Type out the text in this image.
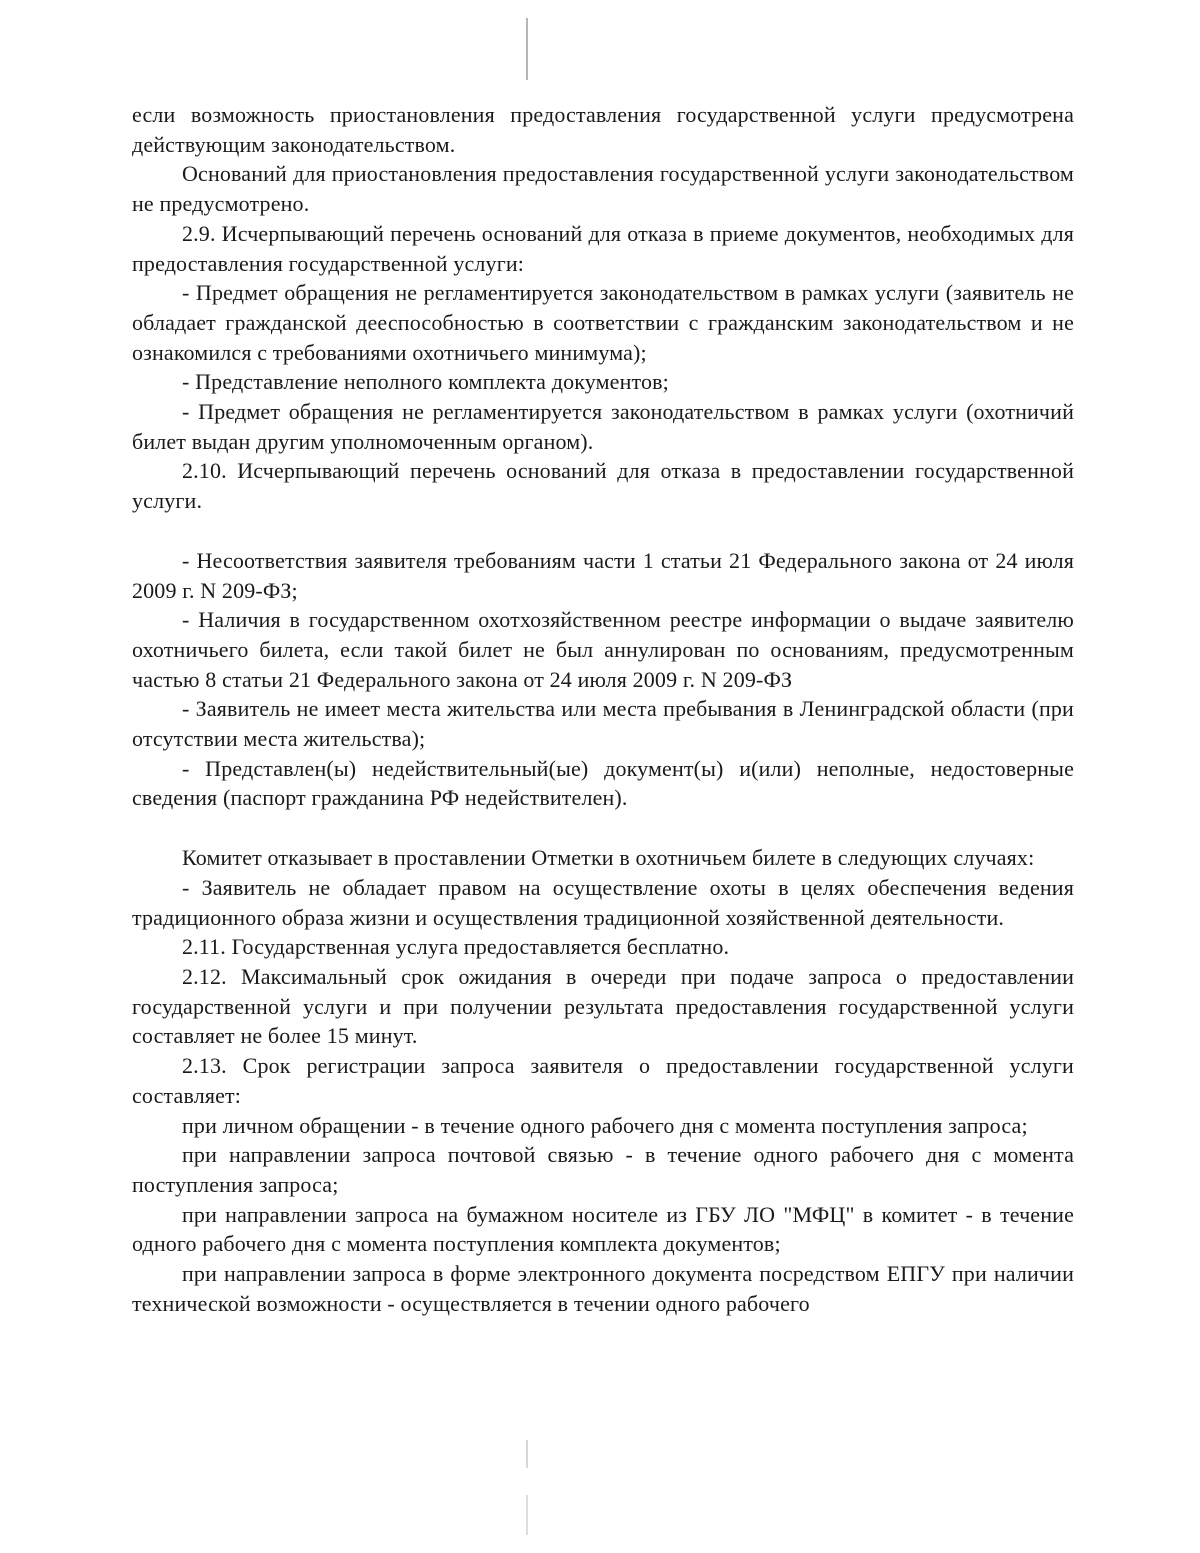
если возможность приостановления предоставления государственной услуги предусмотрена действующим законодательством.

Оснований для приостановления предоставления государственной услуги законодательством не предусмотрено.

2.9. Исчерпывающий перечень оснований для отказа в приеме документов, необходимых для предоставления государственной услуги:

- Предмет обращения не регламентируется законодательством в рамках услуги (заявитель не обладает гражданской дееспособностью в соответствии с гражданским законодательством и не ознакомился с требованиями охотничьего минимума);

- Представление неполного комплекта документов;

- Предмет обращения не регламентируется законодательством в рамках услуги (охотничий билет выдан другим уполномоченным органом).

2.10. Исчерпывающий перечень оснований для отказа в предоставлении государственной услуги.

- Несоответствия заявителя требованиям части 1 статьи 21 Федерального закона от 24 июля 2009 г. N 209-ФЗ;

- Наличия в государственном охотхозяйственном реестре информации о выдаче заявителю охотничьего билета, если такой билет не был аннулирован по основаниям, предусмотренным частью 8 статьи 21 Федерального закона от 24 июля 2009 г. N 209-ФЗ

- Заявитель не имеет места жительства или места пребывания в Ленинградской области (при отсутствии места жительства);

- Представлен(ы) недействительный(ые) документ(ы) и(или) неполные, недостоверные сведения (паспорт гражданина РФ недействителен).

Комитет отказывает в проставлении Отметки в охотничьем билете в следующих случаях:

- Заявитель не обладает правом на осуществление охоты в целях обеспечения ведения традиционного образа жизни и осуществления традиционной хозяйственной деятельности.

2.11. Государственная услуга предоставляется бесплатно.

2.12. Максимальный срок ожидания в очереди при подаче запроса о предоставлении государственной услуги и при получении результата предоставления государственной услуги составляет не более 15 минут.

2.13. Срок регистрации запроса заявителя о предоставлении государственной услуги составляет:

при личном обращении - в течение одного рабочего дня с момента поступления запроса;

при направлении запроса почтовой связью - в течение одного рабочего дня с момента поступления запроса;

при направлении запроса на бумажном носителе из ГБУ ЛО "МФЦ" в комитет - в течение одного рабочего дня с момента поступления комплекта документов;

при направлении запроса в форме электронного документа посредством ЕПГУ при наличии технической возможности - осуществляется в течении одного рабочего
